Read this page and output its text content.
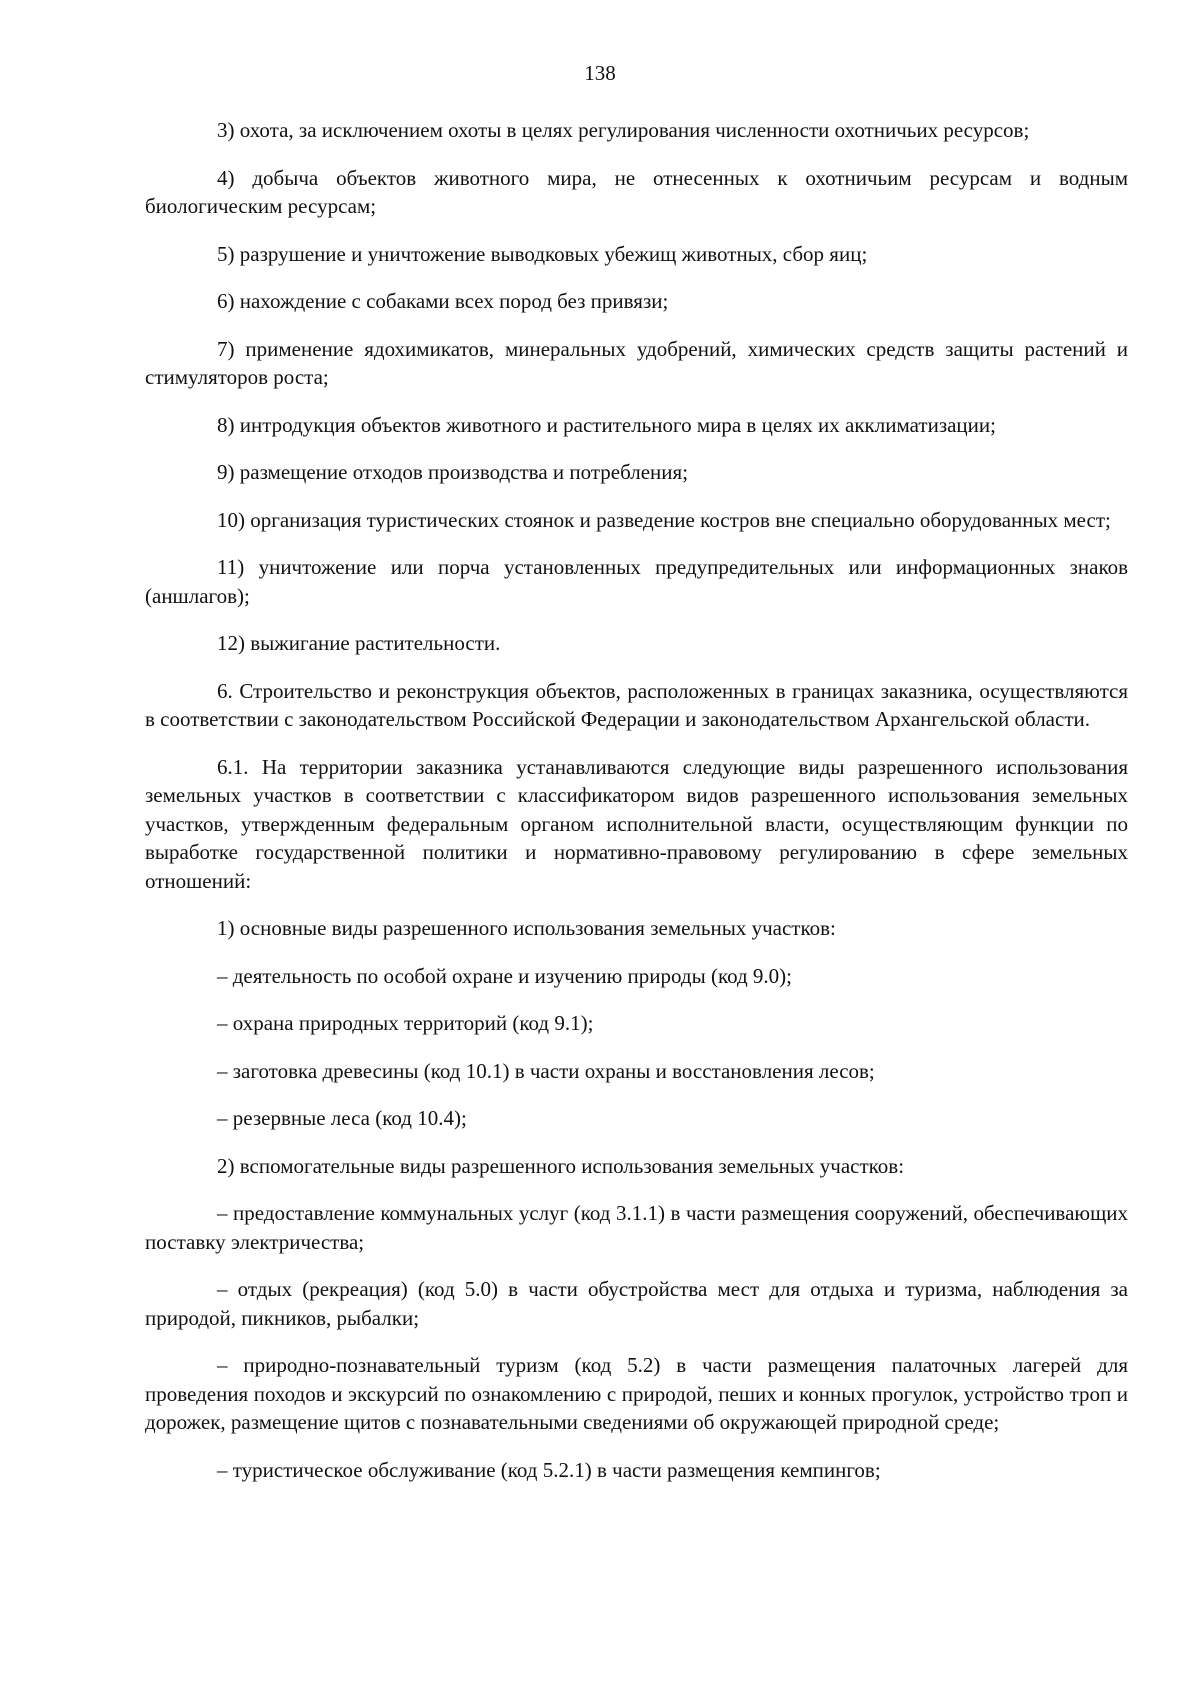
138

3) охота, за исключением охоты в целях регулирования численности охотничьих ресурсов;

4) добыча объектов животного мира, не отнесенных к охотничьим ресурсам и водным биологическим ресурсам;

5) разрушение и уничтожение выводковых убежищ животных, сбор яиц;

6) нахождение с собаками всех пород без привязи;

7) применение ядохимикатов, минеральных удобрений, химических средств защиты растений и стимуляторов роста;

8) интродукция объектов животного и растительного мира в целях их акклиматизации;

9) размещение отходов производства и потребления;

10) организация туристических стоянок и разведение костров вне специально оборудованных мест;

11) уничтожение или порча установленных предупредительных или информационных знаков (аншлагов);

12) выжигание растительности.

6. Строительство и реконструкция объектов, расположенных в границах заказника, осуществляются в соответствии с законодательством Российской Федерации и законодательством Архангельской области.

6.1. На территории заказника устанавливаются следующие виды разрешенного использования земельных участков в соответствии с классификатором видов разрешенного использования земельных участков, утвержденным федеральным органом исполнительной власти, осуществляющим функции по выработке государственной политики и нормативно-правовому регулированию в сфере земельных отношений:

1) основные виды разрешенного использования земельных участков:

– деятельность по особой охране и изучению природы (код 9.0);

– охрана природных территорий (код 9.1);

– заготовка древесины (код 10.1) в части охраны и восстановления лесов;

– резервные леса (код 10.4);

2) вспомогательные виды разрешенного использования земельных участков:

– предоставление коммунальных услуг (код 3.1.1) в части размещения сооружений, обеспечивающих поставку электричества;

– отдых (рекреация) (код 5.0) в части обустройства мест для отдыха и туризма, наблюдения за природой, пикников, рыбалки;

– природно-познавательный туризм (код 5.2) в части размещения палаточных лагерей для проведения походов и экскурсий по ознакомлению с природой, пеших и конных прогулок, устройство троп и дорожек, размещение щитов с познавательными сведениями об окружающей природной среде;

– туристическое обслуживание (код 5.2.1) в части размещения кемпингов;
